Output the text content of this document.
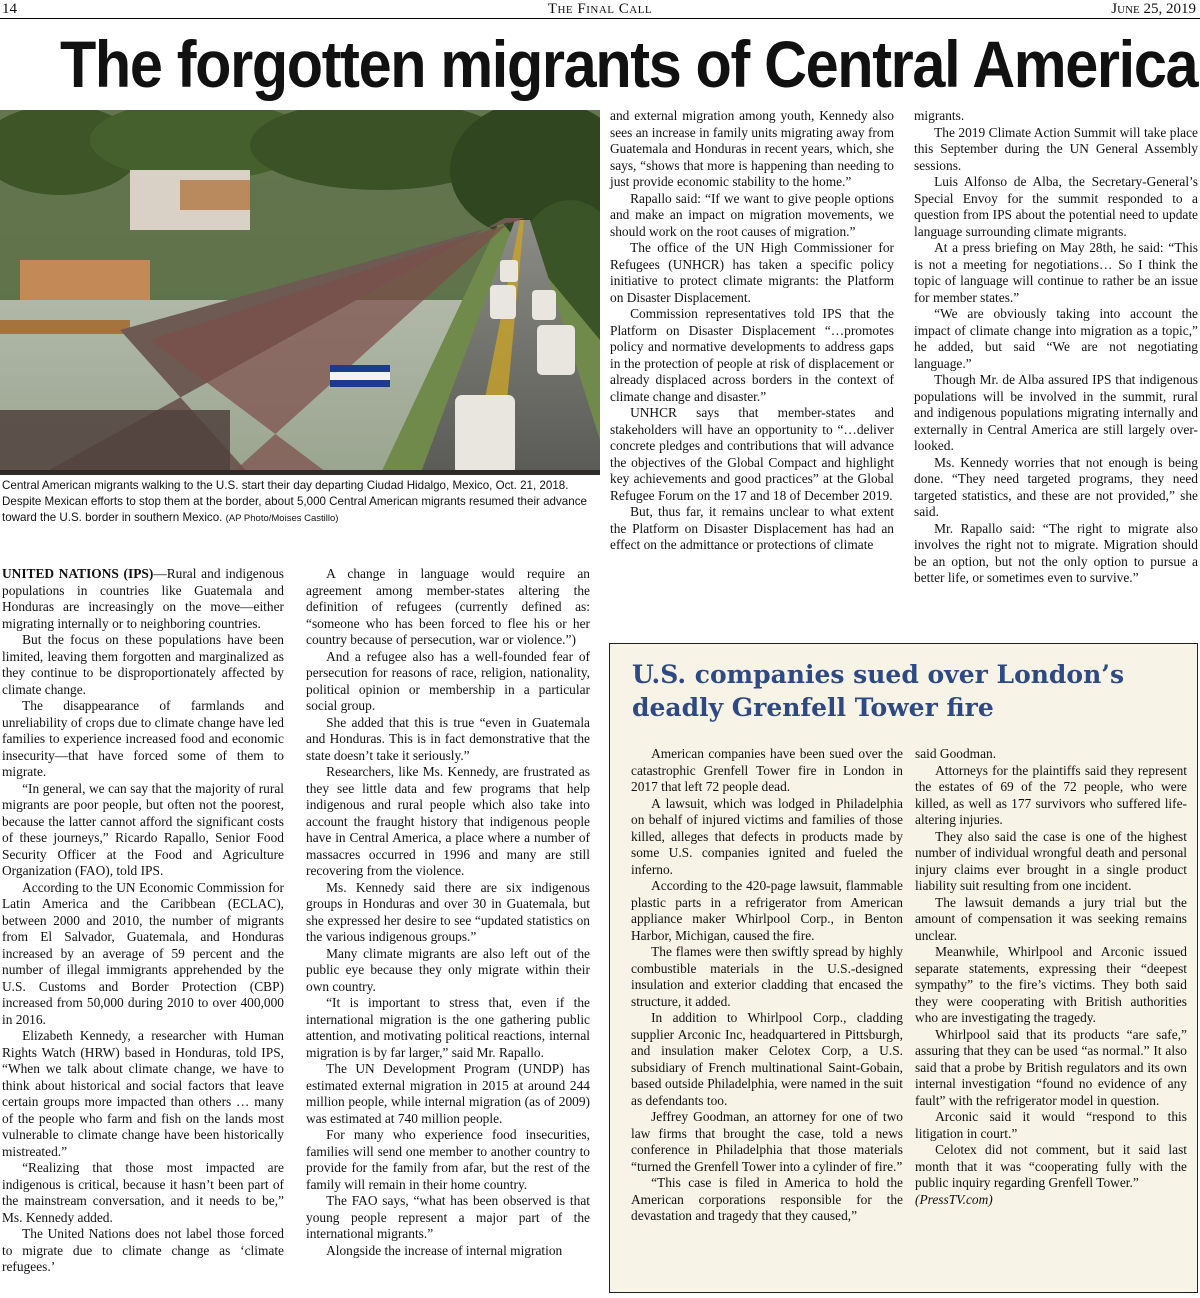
14	The Final Call	June 25, 2019
The forgotten migrants of Central America
Central American migrants walking to the U.S. start their day departing Ciudad Hidalgo, Mexico, Oct. 21, 2018. Despite Mexican efforts to stop them at the border, about 5,000 Central American migrants resumed their advance toward the U.S. border in southern Mexico. (AP Photo/Moises Castillo)

UNITED NATIONS (IPS)—Rural and indigenous populations in countries like Guatemala and Honduras are increasingly on the move—either migrating internally or to neighboring countries.

But the focus on these populations have been limited, leaving them forgotten and marginalized as they continue to be disproportionately affected by climate change.

The disappearance of farmlands and unreliability of crops due to climate change have led families to experience increased food and economic insecurity—that have forced some of them to migrate.

“In general, we can say that the majority of rural migrants are poor people, but often not the poorest, because the latter cannot afford the significant costs of these journeys,” Ricardo Rapallo, Senior Food Security Officer at the Food and Agriculture Organization (FAO), told IPS.

According to the UN Economic Commission for Latin America and the Caribbean (ECLAC), between 2000 and 2010, the number of migrants from El Salvador, Guatemala, and Honduras increased by an average of 59 percent and the number of illegal immigrants apprehended by the U.S. Customs and Border Protection (CBP) increased from 50,000 during 2010 to over 400,000 in 2016.

Elizabeth Kennedy, a researcher with Human Rights Watch (HRW) based in Honduras, told IPS, “When we talk about climate change, we have to think about historical and social factors that leave certain groups more impacted than others … many of the people who farm and fish on the lands most vulnerable to climate change have been historically mistreated.”

“Realizing that those most impacted are indigenous is critical, because it hasn’t been part of the mainstream conversation, and it needs to be,” Ms. Kennedy added.

The United Nations does not label those forced to migrate due to climate change as ‘climate refugees.’

A change in language would require an agreement among member-states altering the definition of refugees (currently defined as: “someone who has been forced to flee his or her country because of persecution, war or violence.”)

And a refugee also has a well-founded fear of persecution for reasons of race, religion, nationality, political opinion or membership in a particular social group.

She added that this is true “even in Guatemala and Honduras. This is in fact demonstrative that the state doesn’t take it seriously.”

Researchers, like Ms. Kennedy, are frustrated as they see little data and few programs that help indigenous and rural people which also take into account the fraught history that indigenous people have in Central America, a place where a number of massacres occurred in 1996 and many are still recovering from the violence.

Ms. Kennedy said there are six indigenous groups in Honduras and over 30 in Guatemala, but she expressed her desire to see “updated statistics on the various indigenous groups.”

Many climate migrants are also left out of the public eye because they only migrate within their own country.

“It is important to stress that, even if the international migration is the one gathering public attention, and motivating political reactions, internal migration is by far larger,” said Mr. Rapallo.

The UN Development Program (UNDP) has estimated external migration in 2015 at around 244 million people, while internal migration (as of 2009) was estimated at 740 million people.

For many who experience food insecurities, families will send one member to another country to provide for the family from afar, but the rest of the family will remain in their home country.

The FAO says, “what has been observed is that young people represent a major part of the international migrants.”

Alongside the increase of internal migration

and external migration among youth, Kennedy also sees an increase in family units migrating away from Guatemala and Honduras in recent years, which, she says, “shows that more is happening than needing to just provide economic stability to the home.”

Rapallo said: “If we want to give people options and make an impact on migration movements, we should work on the root causes of migration.”

The office of the UN High Commissioner for Refugees (UNHCR) has taken a specific policy initiative to protect climate migrants: the Platform on Disaster Displacement.

Commission representatives told IPS that the Platform on Disaster Displacement “…promotes policy and normative developments to address gaps in the protection of people at risk of displacement or already displaced across borders in the context of climate change and disaster.”

UNHCR says that member-states and stakeholders will have an opportunity to “…deliver concrete pledges and contributions that will advance the objectives of the Global Compact and highlight key achievements and good practices” at the Global Refugee Forum on the 17 and 18 of December 2019.

But, thus far, it remains unclear to what extent the Platform on Disaster Displacement has had an effect on the admittance or protections of climate

migrants.

The 2019 Climate Action Summit will take place this September during the UN General Assembly sessions.

Luis Alfonso de Alba, the Secretary-General’s Special Envoy for the summit responded to a question from IPS about the potential need to update language surrounding climate migrants.

At a press briefing on May 28th, he said: “This is not a meeting for negotiations… So I think the topic of language will continue to rather be an issue for member states.”

“We are obviously taking into account the impact of climate change into migration as a topic,” he added, but said “We are not negotiating language.”

Though Mr. de Alba assured IPS that indigenous populations will be involved in the summit, rural and indigenous populations migrating internally and externally in Central America are still largely over-looked.

Ms. Kennedy worries that not enough is being done. “They need targeted programs, they need targeted statistics, and these are not provided,” she said.

Mr. Rapallo said: “The right to migrate also involves the right not to migrate. Migration should be an option, but not the only option to pursue a better life, or sometimes even to survive.”

U.S. companies sued over London’s deadly Grenfell Tower fire

American companies have been sued over the catastrophic Grenfell Tower fire in London in 2017 that left 72 people dead.

A lawsuit, which was lodged in Philadelphia on behalf of injured victims and families of those killed, alleges that defects in products made by some U.S. companies ignited and fueled the inferno.

According to the 420-page lawsuit, flammable plastic parts in a refrigerator from American appliance maker Whirlpool Corp., in Benton Harbor, Michigan, caused the fire.

The flames were then swiftly spread by highly combustible materials in the U.S.-designed insulation and exterior cladding that encased the structure, it added.

In addition to Whirlpool Corp., cladding supplier Arconic Inc, headquartered in Pittsburgh, and insulation maker Celotex Corp, a U.S. subsidiary of French multinational Saint-Gobain, based outside Philadelphia, were named in the suit as defendants too.

Jeffrey Goodman, an attorney for one of two law firms that brought the case, told a news conference in Philadelphia that those materials “turned the Grenfell Tower into a cylinder of fire.”

“This case is filed in America to hold the American corporations responsible for the devastation and tragedy that they caused,”

said Goodman.

Attorneys for the plaintiffs said they represent the estates of 69 of the 72 people, who were killed, as well as 177 survivors who suffered life-altering injuries.

They also said the case is one of the highest number of individual wrongful death and personal injury claims ever brought in a single product liability suit resulting from one incident.

The lawsuit demands a jury trial but the amount of compensation it was seeking remains unclear.

Meanwhile, Whirlpool and Arconic issued separate statements, expressing their “deepest sympathy” to the fire’s victims. They both said they were cooperating with British authorities who are investigating the tragedy.

Whirlpool said that its products “are safe,” assuring that they can be used “as normal.” It also said that a probe by British regulators and its own internal investigation “found no evidence of any fault” with the refrigerator model in question.

Arconic said it would “respond to this litigation in court.”

Celotex did not comment, but it said last month that it was “cooperating fully with the public inquiry regarding Grenfell Tower.”

(PressTV.com)
